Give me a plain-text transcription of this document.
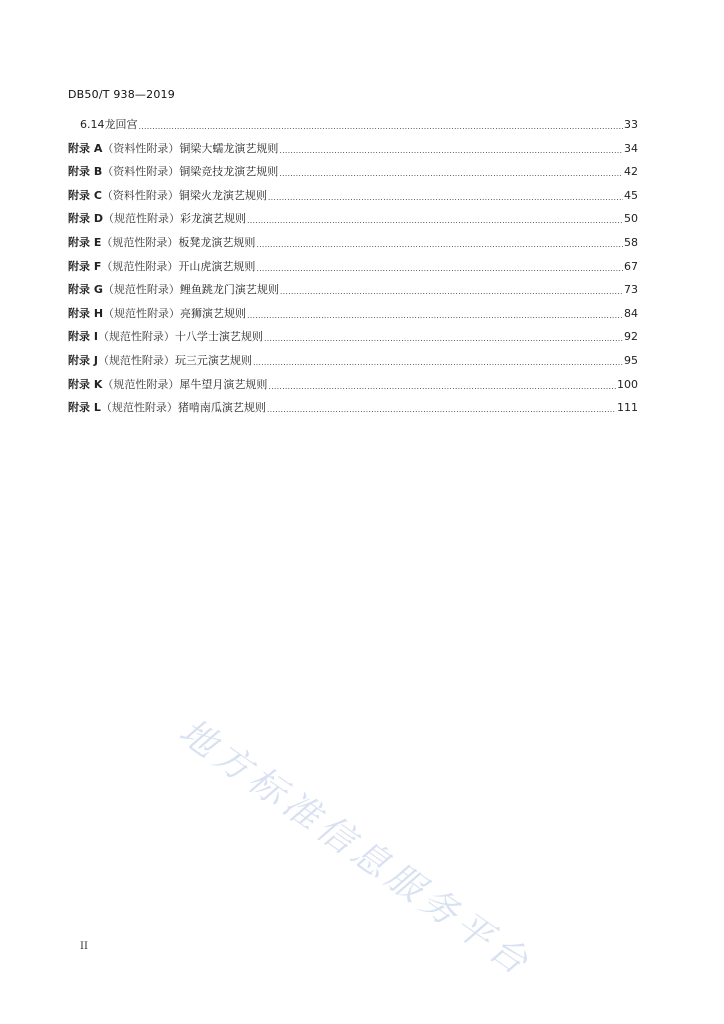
DB50/T 938—2019
6.14 龙回宫 .....	33
附录 A （资料性附录） 铜梁大蠕龙演艺规则 .....	34
附录 B （资料性附录） 铜梁竞技龙演艺规则 .....	42
附录 C （资料性附录） 铜梁火龙演艺规则 .....	45
附录 D （规范性附录） 彩龙演艺规则 .....	50
附录 E （规范性附录） 板凳龙演艺规则 .....	58
附录 F （规范性附录） 开山虎演艺规则 .....	67
附录 G （规范性附录） 鲤鱼跳龙门演艺规则 .....	73
附录 H （规范性附录） 亮狮演艺规则 .....	84
附录 I （规范性附录） 十八学士演艺规则 .....	92
附录 J （规范性附录） 玩三元演艺规则 .....	95
附录 K （规范性附录） 犀牛望月演艺规则 .....	100
附录 L （规范性附录） 猪啃南瓜演艺规则 .....	111
地方标准信息服务平台
II
